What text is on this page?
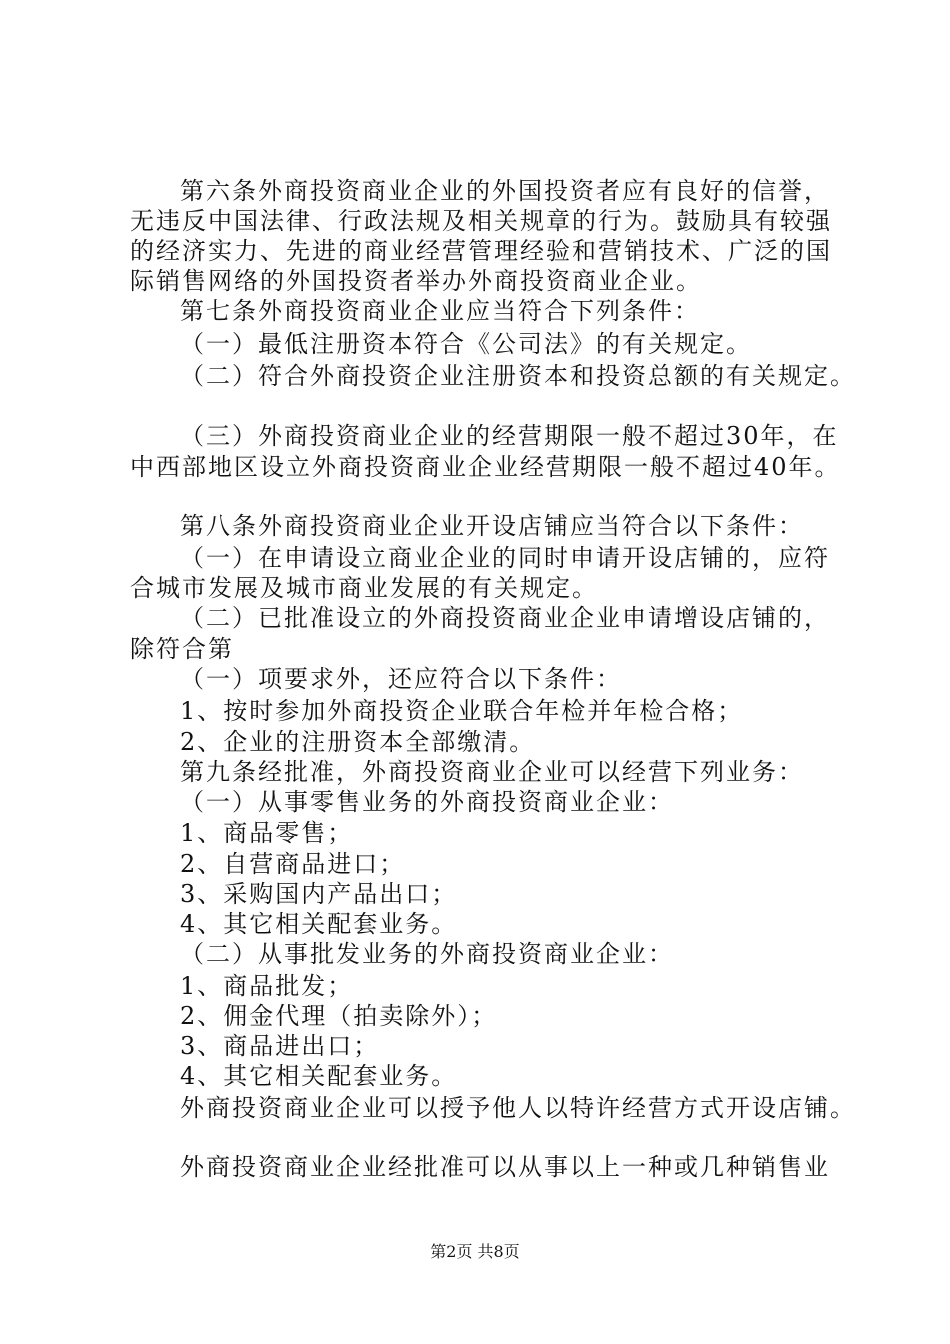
第六条外商投资商业企业的外国投资者应有良好的信誉，
无违反中国法律、行政法规及相关规章的行为。鼓励具有较强
的经济实力、先进的商业经营管理经验和营销技术、广泛的国
际销售网络的外国投资者举办外商投资商业企业。
第七条外商投资商业企业应当符合下列条件：
（一）最低注册资本符合《公司法》的有关规定。
（二）符合外商投资企业注册资本和投资总额的有关规定。
（三）外商投资商业企业的经营期限一般不超过30年，在
中西部地区设立外商投资商业企业经营期限一般不超过40年。
第八条外商投资商业企业开设店铺应当符合以下条件：
（一）在申请设立商业企业的同时申请开设店铺的，应符
合城市发展及城市商业发展的有关规定。
（二）已批准设立的外商投资商业企业申请增设店铺的，
除符合第
（一）项要求外，还应符合以下条件：
1、按时参加外商投资企业联合年检并年检合格；
2、企业的注册资本全部缴清。
第九条经批准，外商投资商业企业可以经营下列业务：
（一）从事零售业务的外商投资商业企业：
1、商品零售；
2、自营商品进口；
3、采购国内产品出口；
4、其它相关配套业务。
（二）从事批发业务的外商投资商业企业：
1、商品批发；
2、佣金代理（拍卖除外）；
3、商品进出口；
4、其它相关配套业务。
外商投资商业企业可以授予他人以特许经营方式开设店铺。
外商投资商业企业经批准可以从事以上一种或几种销售业
第2页 共8页
